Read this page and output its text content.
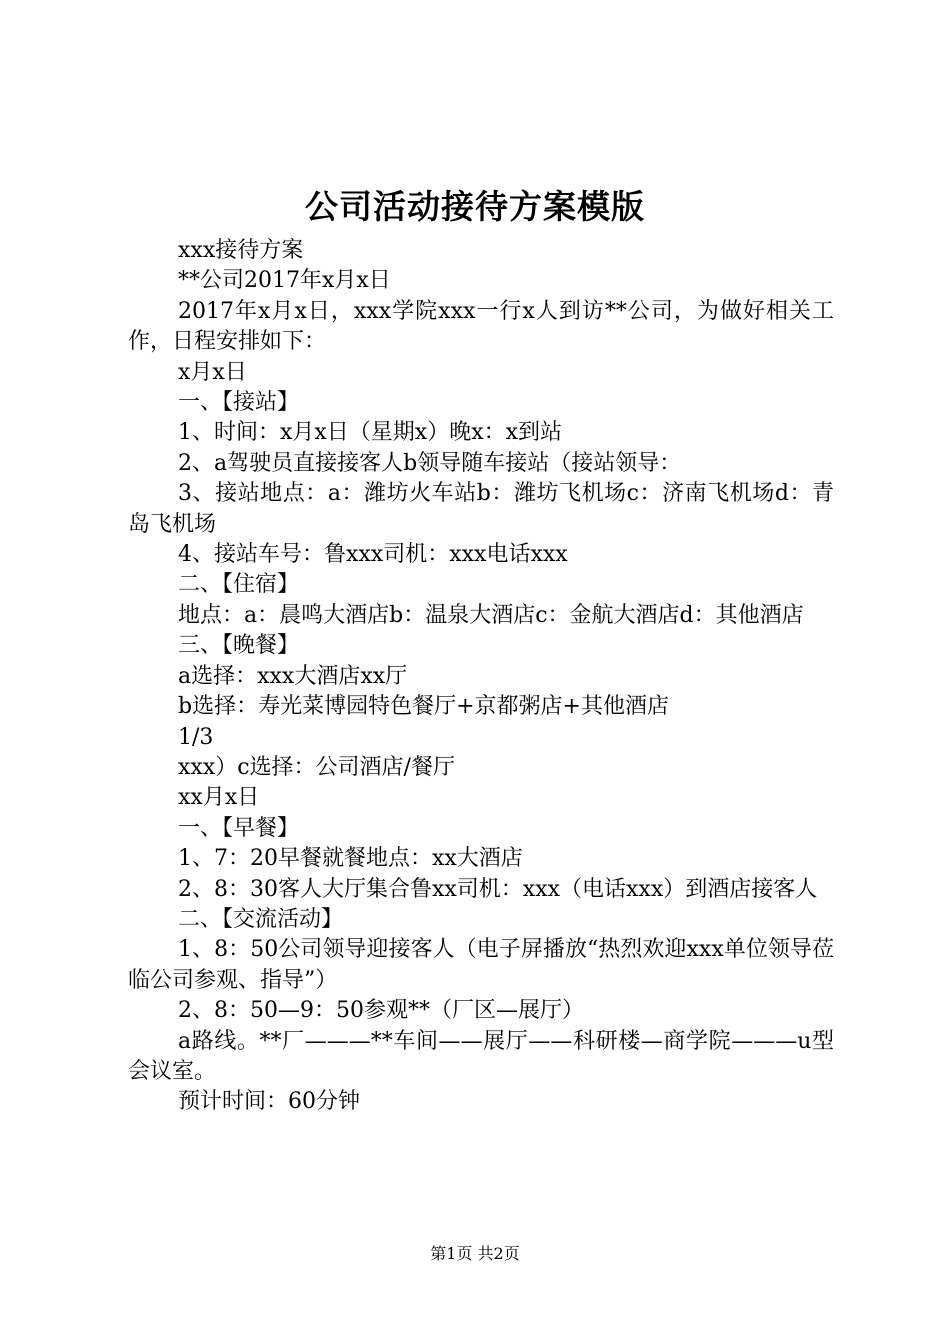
公司活动接待方案模版

xxx接待方案

**公司2017年x月x日

2017年x月x日，xxx学院xxx一行x人到访**公司，为做好相关工作，日程安排如下：

x月x日

一、【接站】

1、时间：x月x日（星期x）晚x：x到站

2、a驾驶员直接接客人b领导随车接站（接站领导：

3、接站地点：a：潍坊火车站b：潍坊飞机场c：济南飞机场d：青岛飞机场

4、接站车号：鲁xxx司机：xxx电话xxx

二、【住宿】

地点：a：晨鸣大酒店b：温泉大酒店c：金航大酒店d：其他酒店

三、【晚餐】

a选择：xxx大酒店xx厅

b选择：寿光菜博园特色餐厅+京都粥店+其他酒店

1/3

xxx）c选择：公司酒店/餐厅

xx月x日

一、【早餐】

1、7：20早餐就餐地点：xx大酒店

2、8：30客人大厅集合鲁xx司机：xxx（电话xxx）到酒店接客人

二、【交流活动】

1、8：50公司领导迎接客人（电子屏播放“热烈欢迎xxx单位领导莅临公司参观、指导”）

2、8：50—9：50参观**（厂区—展厅）

a路线。**厂———**车间——展厅——科研楼—商学院———u型会议室。

预计时间：60分钟

第1页 共2页
